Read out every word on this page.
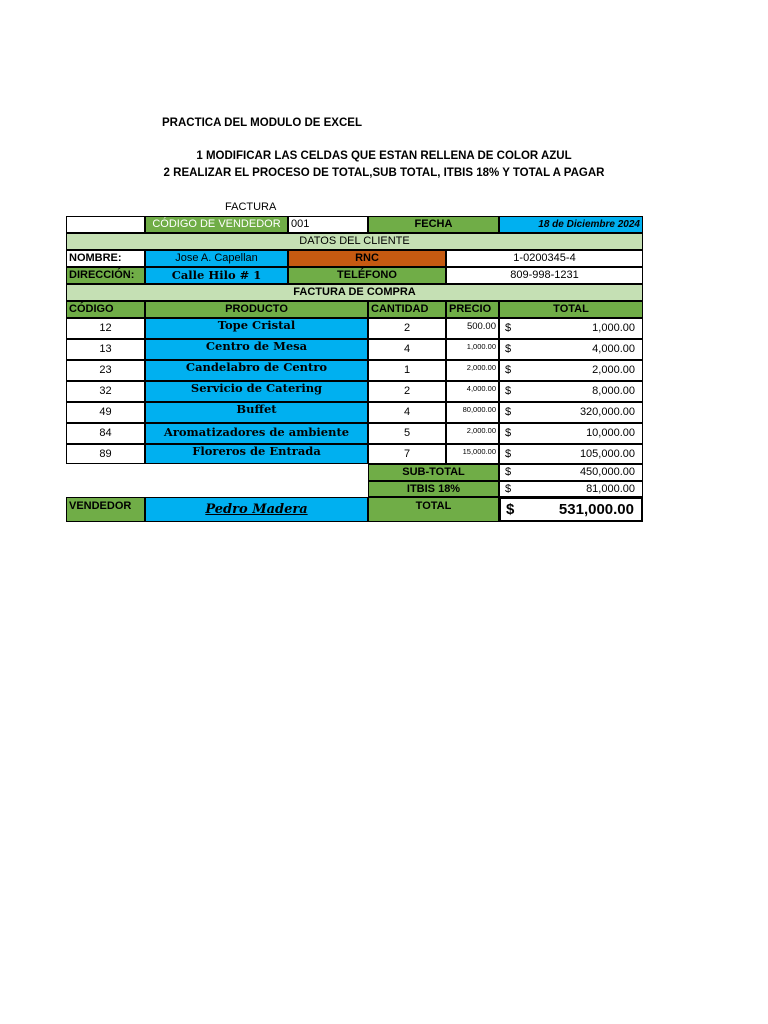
PRACTICA DEL MODULO DE EXCEL
1 MODIFICAR LAS CELDAS QUE ESTAN RELLENA DE COLOR AZUL
2 REALIZAR EL PROCESO DE TOTAL,SUB TOTAL, ITBIS 18% Y TOTAL A PAGAR
FACTURA
CÓDIGO DE VENDEDOR 001	FECHA	18 de Diciembre 2024
DATOS DEL CLIENTE
NOMBRE:	Jose A. Capellan	RNC	1-0200345-4
DIRECCIÓN:	Calle Hilo # 1	TELÉFONO	809-998-1231
FACTURA DE COMPRA
CÓDIGO	PRODUCTO	CANTIDAD	PRECIO	TOTAL
12	Tope Cristal	2	500.00 $	1,000.00
13	Centro de Mesa	4	1,000.00 $	4,000.00
23	Candelabro de Centro	1	2,000.00 $	2,000.00
32	Servicio de Catering	2	4,000.00 $	8,000.00
49	Buffet	4	80,000.00 $	320,000.00
84	Aromatizadores de ambiente	5	2,000.00 $	10,000.00
89	Floreros de Entrada	7	15,000.00 $	105,000.00
SUB-TOTAL	$	450,000.00
ITBIS 18%	$	81,000.00
VENDEDOR	Pedro Madera	TOTAL	$	531,000.00
